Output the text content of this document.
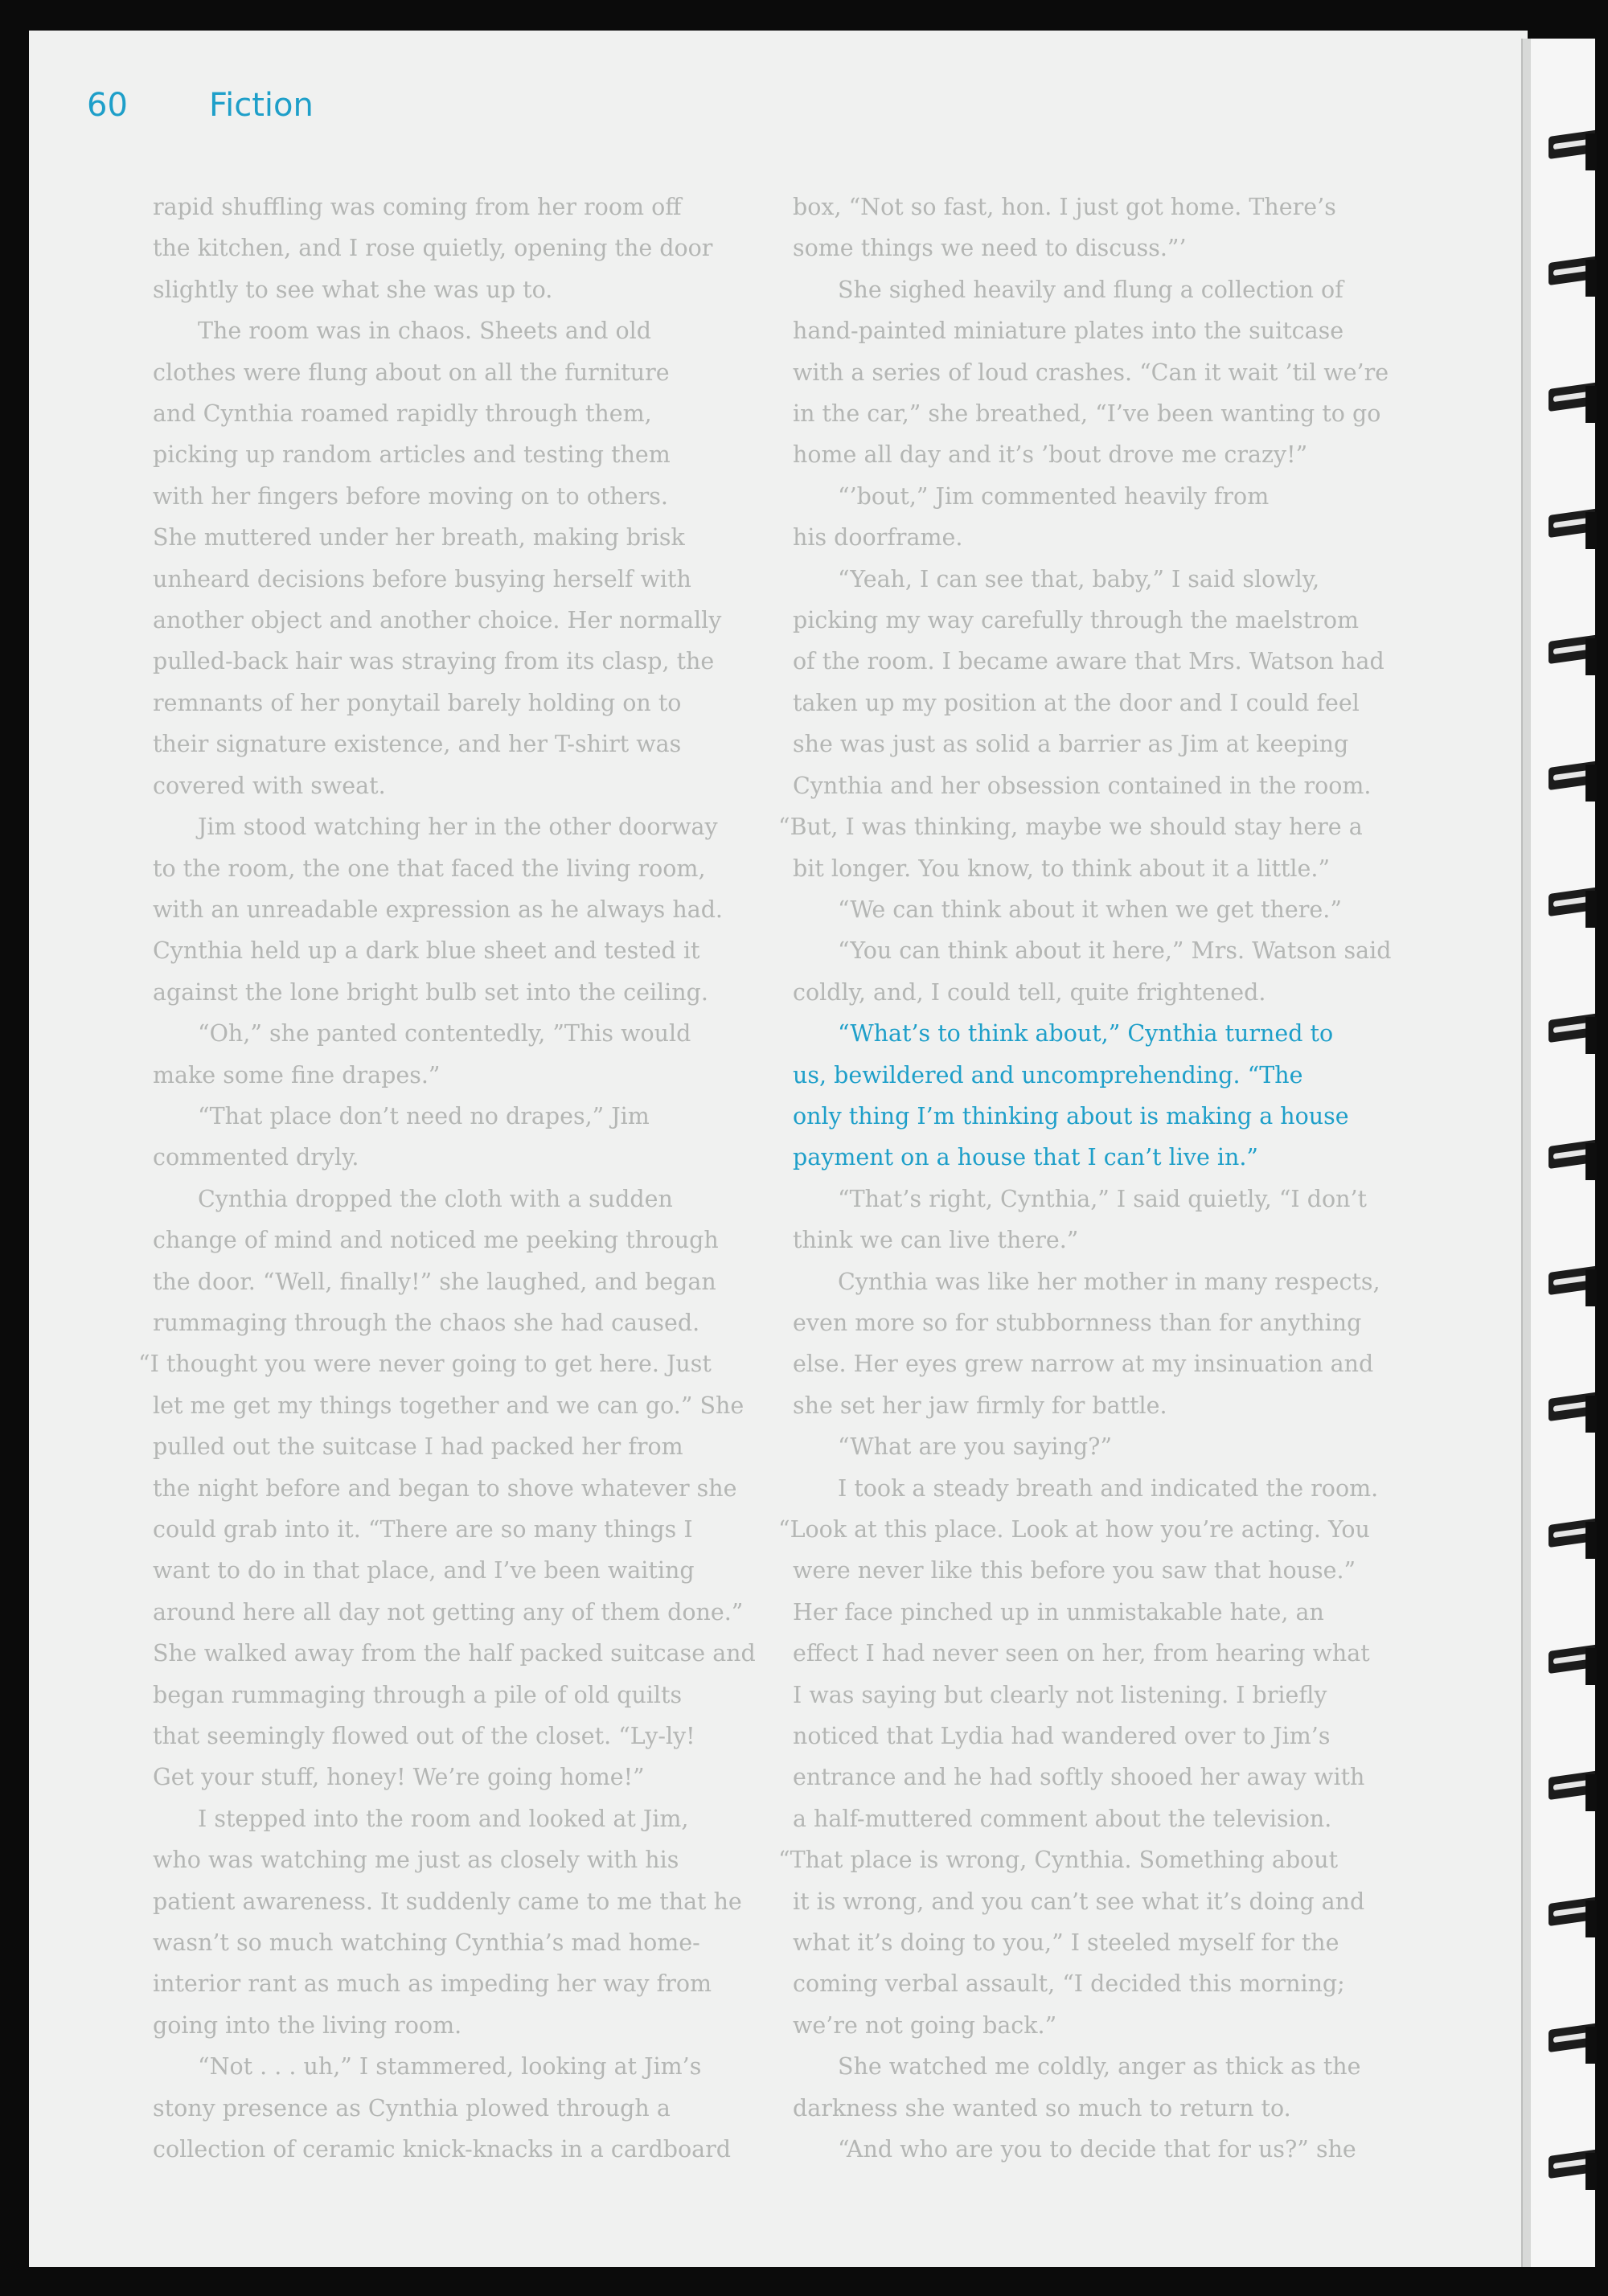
60	Fiction

rapid shuffling was coming from her room off

the kitchen, and I rose quietly, opening the door

slightly to see what she was up to.

The room was in chaos. Sheets and old

clothes were flung about on all the furniture

and Cynthia roamed rapidly through them,

picking up random articles and testing them

with her fingers before moving on to others.

She muttered under her breath, making brisk

unheard decisions before busying herself with

another object and another choice. Her normally

pulled-back hair was straying from its clasp, the

remnants of her ponytail barely holding on to

their signature existence, and her T-shirt was

covered with sweat.

Jim stood watching her in the other doorway

to the room, the one that faced the living room,

with an unreadable expression as he always had.

Cynthia held up a dark blue sheet and tested it

against the lone bright bulb set into the ceiling.

“Oh,” she panted contentedly, ”This would

make some fine drapes.”

“That place don’t need no drapes,” Jim

commented dryly.

Cynthia dropped the cloth with a sudden

change of mind and noticed me peeking through

the door. “Well, finally!” she laughed, and began

rummaging through the chaos she had caused.

“I thought you were never going to get here. Just

let me get my things together and we can go.” She

pulled out the suitcase I had packed her from

the night before and began to shove whatever she

could grab into it. “There are so many things I

want to do in that place, and I’ve been waiting

around here all day not getting any of them done.”

She walked away from the half packed suitcase and

began rummaging through a pile of old quilts

that seemingly flowed out of the closet. “Ly-ly!

Get your stuff, honey! We’re going home!”

I stepped into the room and looked at Jim,

who was watching me just as closely with his

patient awareness. It suddenly came to me that he

wasn’t so much watching Cynthia’s mad home-

interior rant as much as impeding her way from

going into the living room.

“Not . . . uh,” I stammered, looking at Jim’s

stony presence as Cynthia plowed through a

collection of ceramic knick-knacks in a cardboard

box, “Not so fast, hon. I just got home. There’s

some things we need to discuss.”’

She sighed heavily and flung a collection of

hand-painted miniature plates into the suitcase

with a series of loud crashes. “Can it wait ’til we’re

in the car,” she breathed, “I’ve been wanting to go

home all day and it’s ’bout drove me crazy!”

“’bout,” Jim commented heavily from

his doorframe.

“Yeah, I can see that, baby,” I said slowly,

picking my way carefully through the maelstrom

of the room. I became aware that Mrs. Watson had

taken up my position at the door and I could feel

she was just as solid a barrier as Jim at keeping

Cynthia and her obsession contained in the room.

“But, I was thinking, maybe we should stay here a

bit longer. You know, to think about it a little.”

“We can think about it when we get there.”

“You can think about it here,” Mrs. Watson said

coldly, and, I could tell, quite frightened.

“What’s to think about,” Cynthia turned to

us, bewildered and uncomprehending. “The

only thing I’m thinking about is making a house

payment on a house that I can’t live in.”

“That’s right, Cynthia,” I said quietly, “I don’t

think we can live there.”

Cynthia was like her mother in many respects,

even more so for stubbornness than for anything

else. Her eyes grew narrow at my insinuation and

she set her jaw firmly for battle.

“What are you saying?”

I took a steady breath and indicated the room.

“Look at this place. Look at how you’re acting. You

were never like this before you saw that house.”

Her face pinched up in unmistakable hate, an

effect I had never seen on her, from hearing what

I was saying but clearly not listening. I briefly

noticed that Lydia had wandered over to Jim’s

entrance and he had softly shooed her away with

a half-muttered comment about the television.

“That place is wrong, Cynthia. Something about

it is wrong, and you can’t see what it’s doing and

what it’s doing to you,” I steeled myself for the

coming verbal assault, “I decided this morning;

we’re not going back.”

She watched me coldly, anger as thick as the

darkness she wanted so much to return to.

“And who are you to decide that for us?” she
